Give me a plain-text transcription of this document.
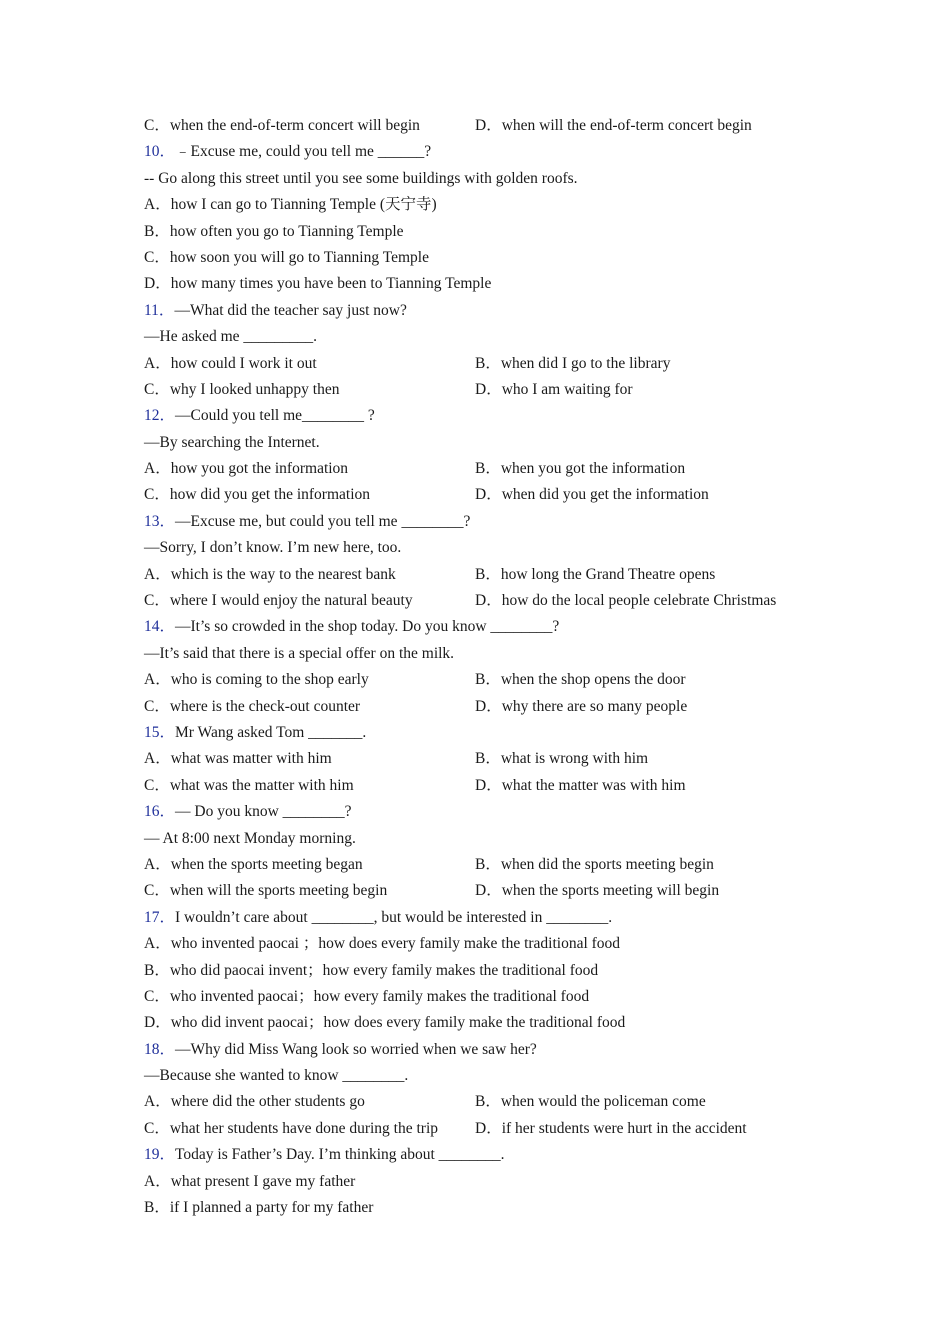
C．when the end-of-term concert will begin	D．when will the end-of-term concert begin
10．﹣Excuse me, could you tell me ______?
-- Go along this street until you see some buildings with golden roofs.
A．how I can go to Tianning Temple (天宁寺)
B．how often you go to Tianning Temple
C．how soon you will go to Tianning Temple
D．how many times you have been to Tianning Temple
11．—What did the teacher say just now?
—He asked me _________.
A．how could I work it out	B．when did I go to the library
C．why I looked unhappy then	D．who I am waiting for
12．—Could you tell me________ ?
—By searching the Internet.
A．how you got the information	B．when you got the information
C．how did you get the information	D．when did you get the information
13．—Excuse me, but could you tell me ________?
—Sorry, I don’t know. I’m new here, too.
A．which is the way to the nearest bank	B．how long the Grand Theatre opens
C．where I would enjoy the natural beauty	D．how do the local people celebrate Christmas
14．—It’s so crowded in the shop today. Do you know ________?
—It’s said that there is a special offer on the milk.
A．who is coming to the shop early	B．when the shop opens the door
C．where is the check-out counter	D．why there are so many people
15．Mr Wang asked Tom _______.
A．what was matter with him	B．what is wrong with him
C．what was the matter with him	D．what the matter was with him
16．— Do you know ________?
— At 8:00 next Monday morning.
A．when the sports meeting began	B．when did the sports meeting begin
C．when will the sports meeting begin	D．when the sports meeting will begin
17．I wouldn’t care about ________, but would be interested in ________.
A．who invented paocai ；how does every family make the traditional food
B．who did paocai invent；how every family makes the traditional food
C．who invented paocai；how every family makes the traditional food
D．who did invent paocai；how does every family make the traditional food
18．—Why did Miss Wang look so worried when we saw her?
—Because she wanted to know ________.
A．where did the other students go	B．when would the policeman come
C．what her students have done during the trip D．if her students were hurt in the accident
19．Today is Father’s Day. I’m thinking about ________.
A．what present I gave my father
B．if I planned a party for my father
